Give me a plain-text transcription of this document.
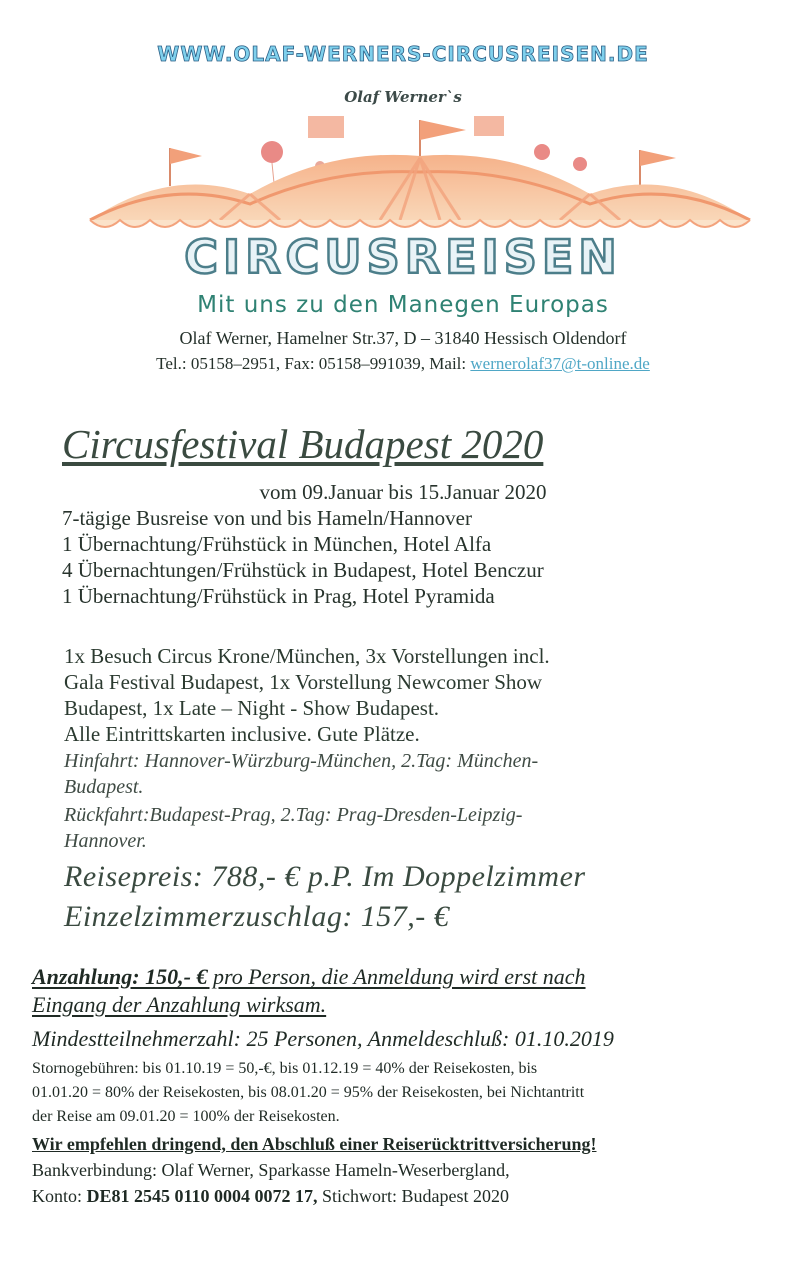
WWW.OLAF-WERNERS-CIRCUSREISEN.DE
Olaf Werner`s
CIRCUSREISEN
Mit uns zu den Manegen Europas
Olaf Werner, Hamelner Str.37, D – 31840 Hessisch Oldendorf
Tel.: 05158–2951, Fax: 05158–991039, Mail: wernerolaf37@t-online.de
Circusfestival Budapest 2020
vom 09.Januar bis 15.Januar 2020
7-tägige Busreise von und bis Hameln/Hannover
1 Übernachtung/Frühstück in München, Hotel Alfa
4 Übernachtungen/Frühstück in Budapest, Hotel Benczur
1 Übernachtung/Frühstück in Prag, Hotel Pyramida
1x Besuch Circus Krone/München, 3x Vorstellungen incl.
Gala Festival Budapest, 1x Vorstellung Newcomer Show
Budapest, 1x Late – Night - Show Budapest.
Alle Eintrittskarten inclusive. Gute Plätze.
Hinfahrt: Hannover-Würzburg-München, 2.Tag: München-
Budapest.
Rückfahrt:Budapest-Prag, 2.Tag: Prag-Dresden-Leipzig-
Hannover.
Reisepreis: 788,- € p.P. Im Doppelzimmer
Einzelzimmerzuschlag: 157,- €
Anzahlung: 150,- € pro Person, die Anmeldung wird erst nach
Eingang der Anzahlung wirksam.
Mindestteilnehmerzahl: 25 Personen, Anmeldeschluß: 01.10.2019
Stornogebühren: bis 01.10.19 = 50,-€, bis 01.12.19 = 40% der Reisekosten, bis
01.01.20 = 80% der Reisekosten, bis 08.01.20 = 95% der Reisekosten, bei Nichtantritt
der Reise am 09.01.20 = 100% der Reisekosten.
Wir empfehlen dringend, den Abschluß einer Reiserücktrittversicherung!
Bankverbindung: Olaf Werner, Sparkasse Hameln-Weserbergland,
Konto: DE81 2545 0110 0004 0072 17, Stichwort: Budapest 2020
